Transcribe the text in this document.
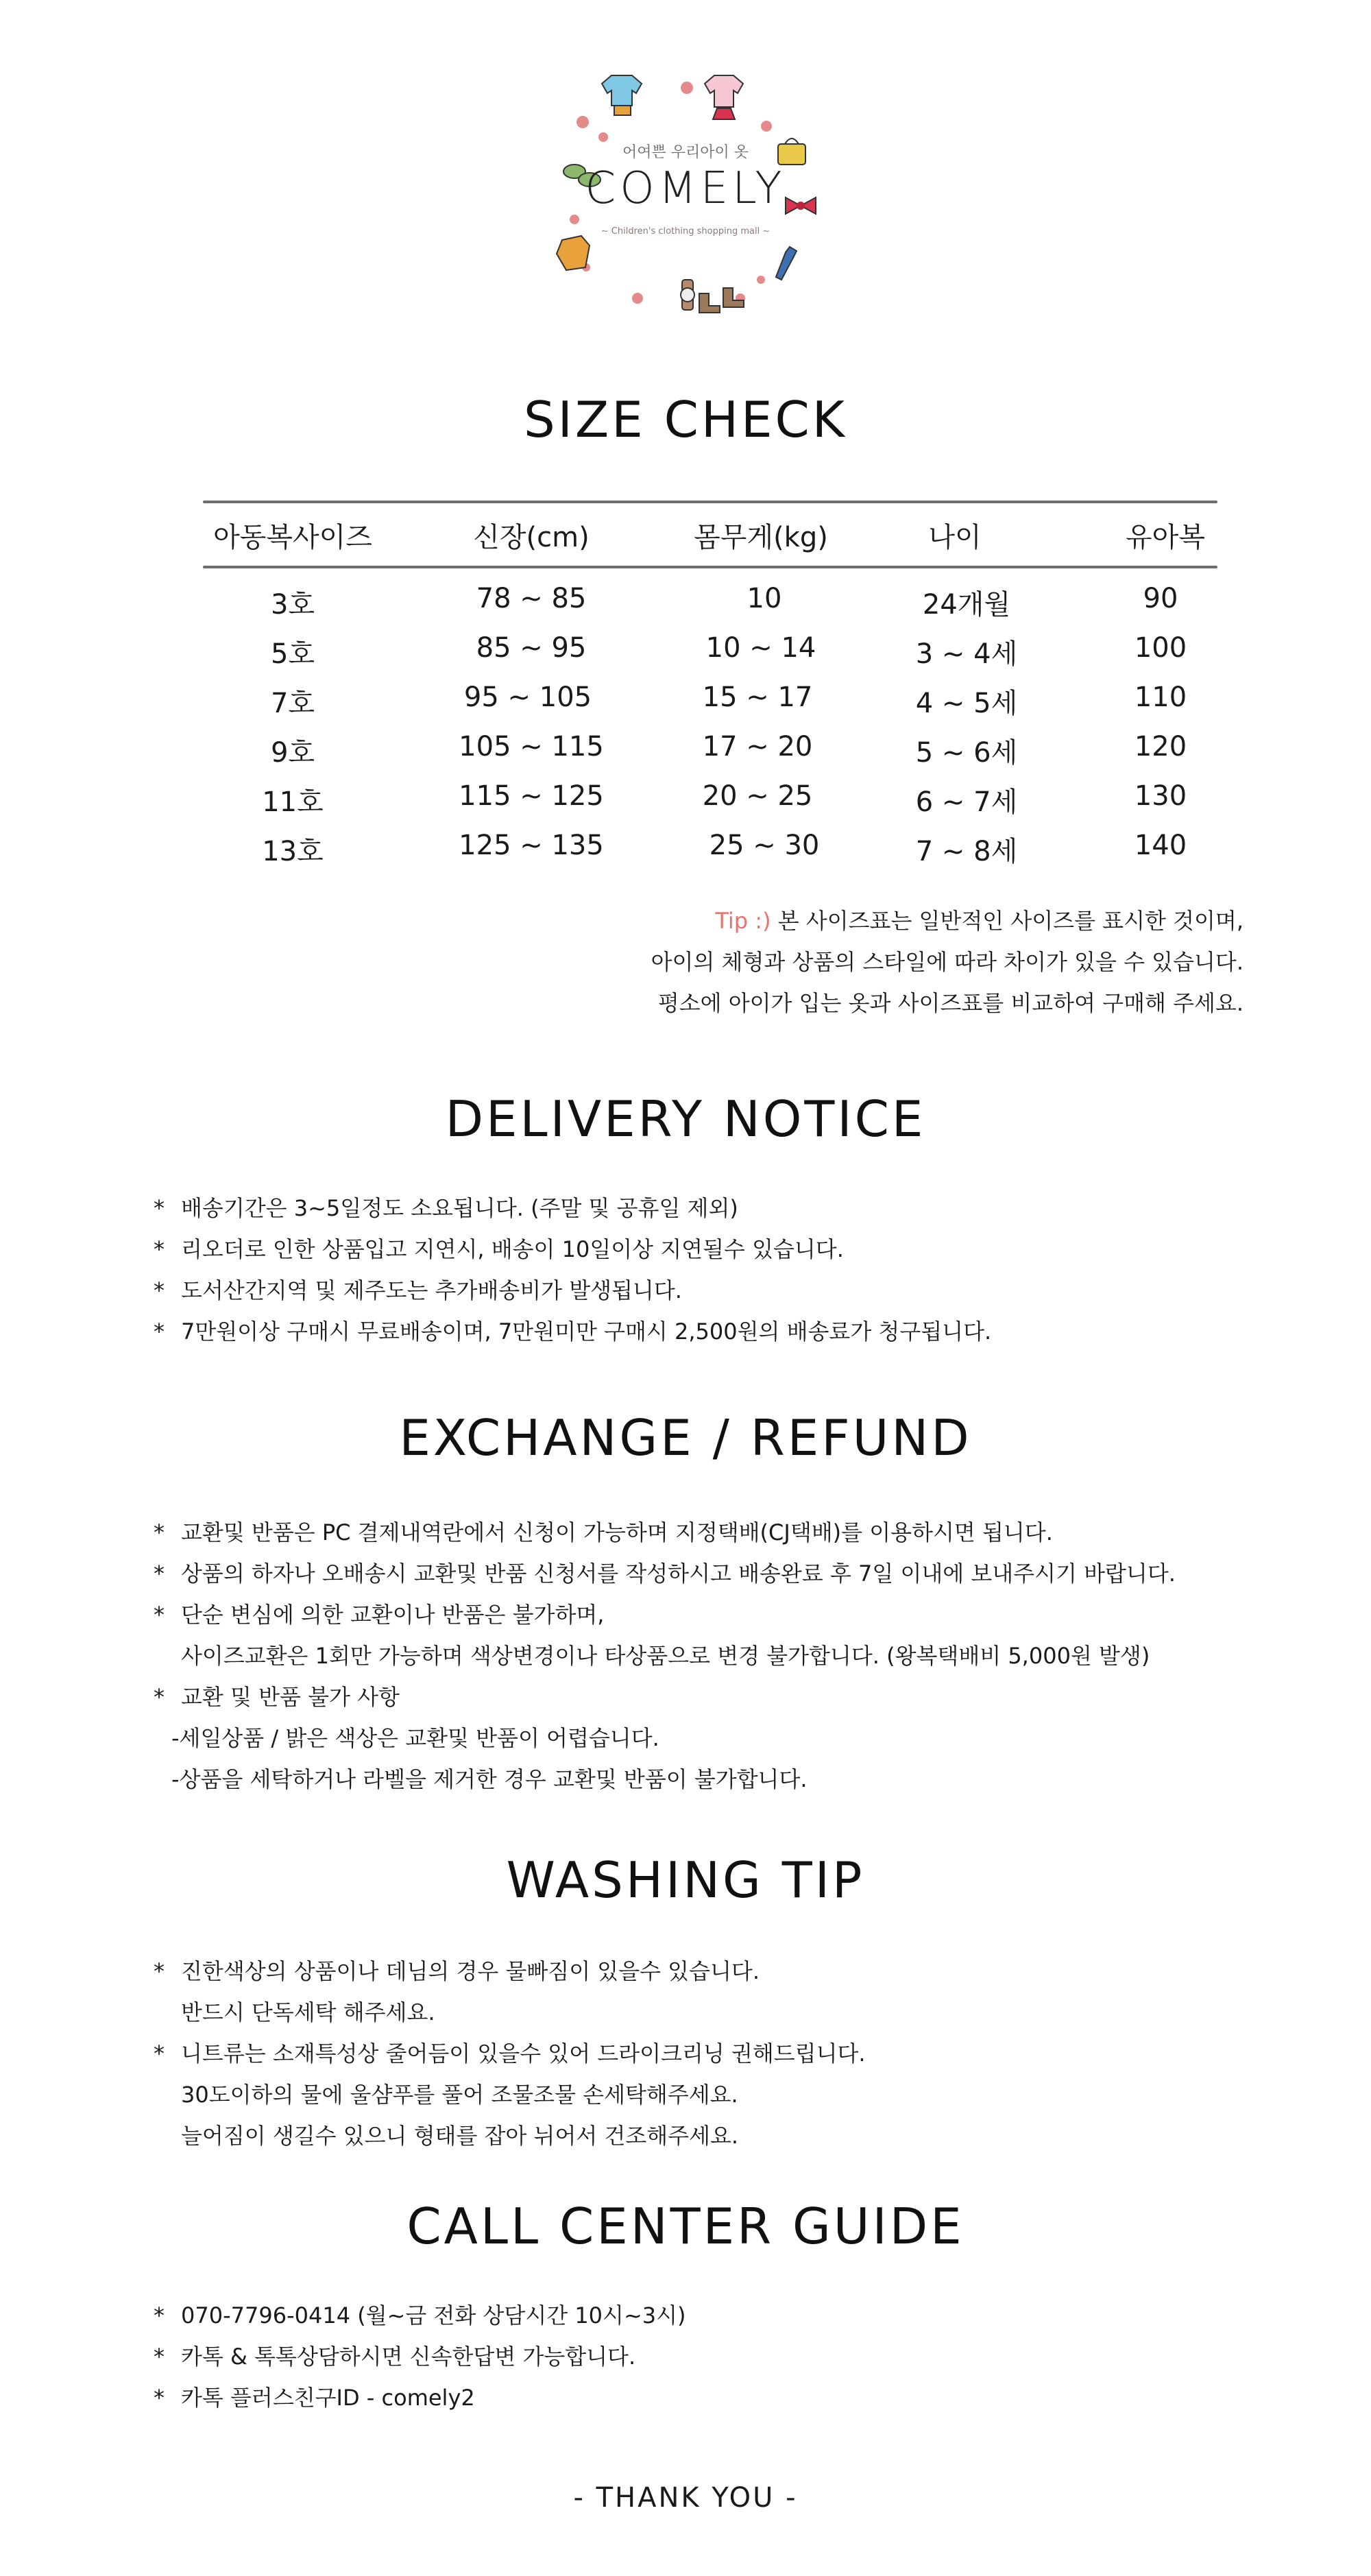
어여쁜 우리아이 옷
COMELY
~ Children's clothing shopping mall ~
SIZE CHECK
아동복사이즈	신장(cm)	몸무게(kg)	나이	유아복
3호	78 ~ 85	10	24개월	90
5호	85 ~ 95	10 ~ 14	3 ~ 4세	100
7호	95 ~ 105	15 ~ 17	4 ~ 5세	110
9호	105 ~ 115	17 ~ 20	5 ~ 6세	120
11호	115 ~ 125	20 ~ 25	6 ~ 7세	130
13호	125 ~ 135	25 ~ 30	7 ~ 8세	140
Tip :) 본 사이즈표는 일반적인 사이즈를 표시한 것이며,
아이의 체형과 상품의 스타일에 따라 차이가 있을 수 있습니다.
평소에 아이가 입는 옷과 사이즈표를 비교하여 구매해 주세요.
DELIVERY NOTICE
* 배송기간은 3~5일정도 소요됩니다. (주말 및 공휴일 제외)
* 리오더로 인한 상품입고 지연시, 배송이 10일이상 지연될수 있습니다.
* 도서산간지역 및 제주도는 추가배송비가 발생됩니다.
* 7만원이상 구매시 무료배송이며, 7만원미만 구매시 2,500원의 배송료가 청구됩니다.
EXCHANGE / REFUND
* 교환및 반품은 PC 결제내역란에서 신청이 가능하며 지정택배(CJ택배)를 이용하시면 됩니다.
* 상품의 하자나 오배송시 교환및 반품 신청서를 작성하시고 배송완료 후 7일 이내에 보내주시기 바랍니다.
* 단순 변심에 의한 교환이나 반품은 불가하며,
사이즈교환은 1회만 가능하며 색상변경이나 타상품으로 변경 불가합니다. (왕복택배비 5,000원 발생)
* 교환 및 반품 불가 사항
-세일상품 / 밝은 색상은 교환및 반품이 어렵습니다.
-상품을 세탁하거나 라벨을 제거한 경우 교환및 반품이 불가합니다.
WASHING TIP
* 진한색상의 상품이나 데님의 경우 물빠짐이 있을수 있습니다.
반드시 단독세탁 해주세요.
* 니트류는 소재특성상 줄어듬이 있을수 있어 드라이크리닝 권해드립니다.
30도이하의 물에 울샴푸를 풀어 조물조물 손세탁해주세요.
늘어짐이 생길수 있으니 형태를 잡아 뉘어서 건조해주세요.
CALL CENTER GUIDE
* 070-7796-0414 (월~금 전화 상담시간 10시~3시)
* 카톡 & 톡톡상담하시면 신속한답변 가능합니다.
* 카톡 플러스친구ID - comely2
- THANK YOU -
